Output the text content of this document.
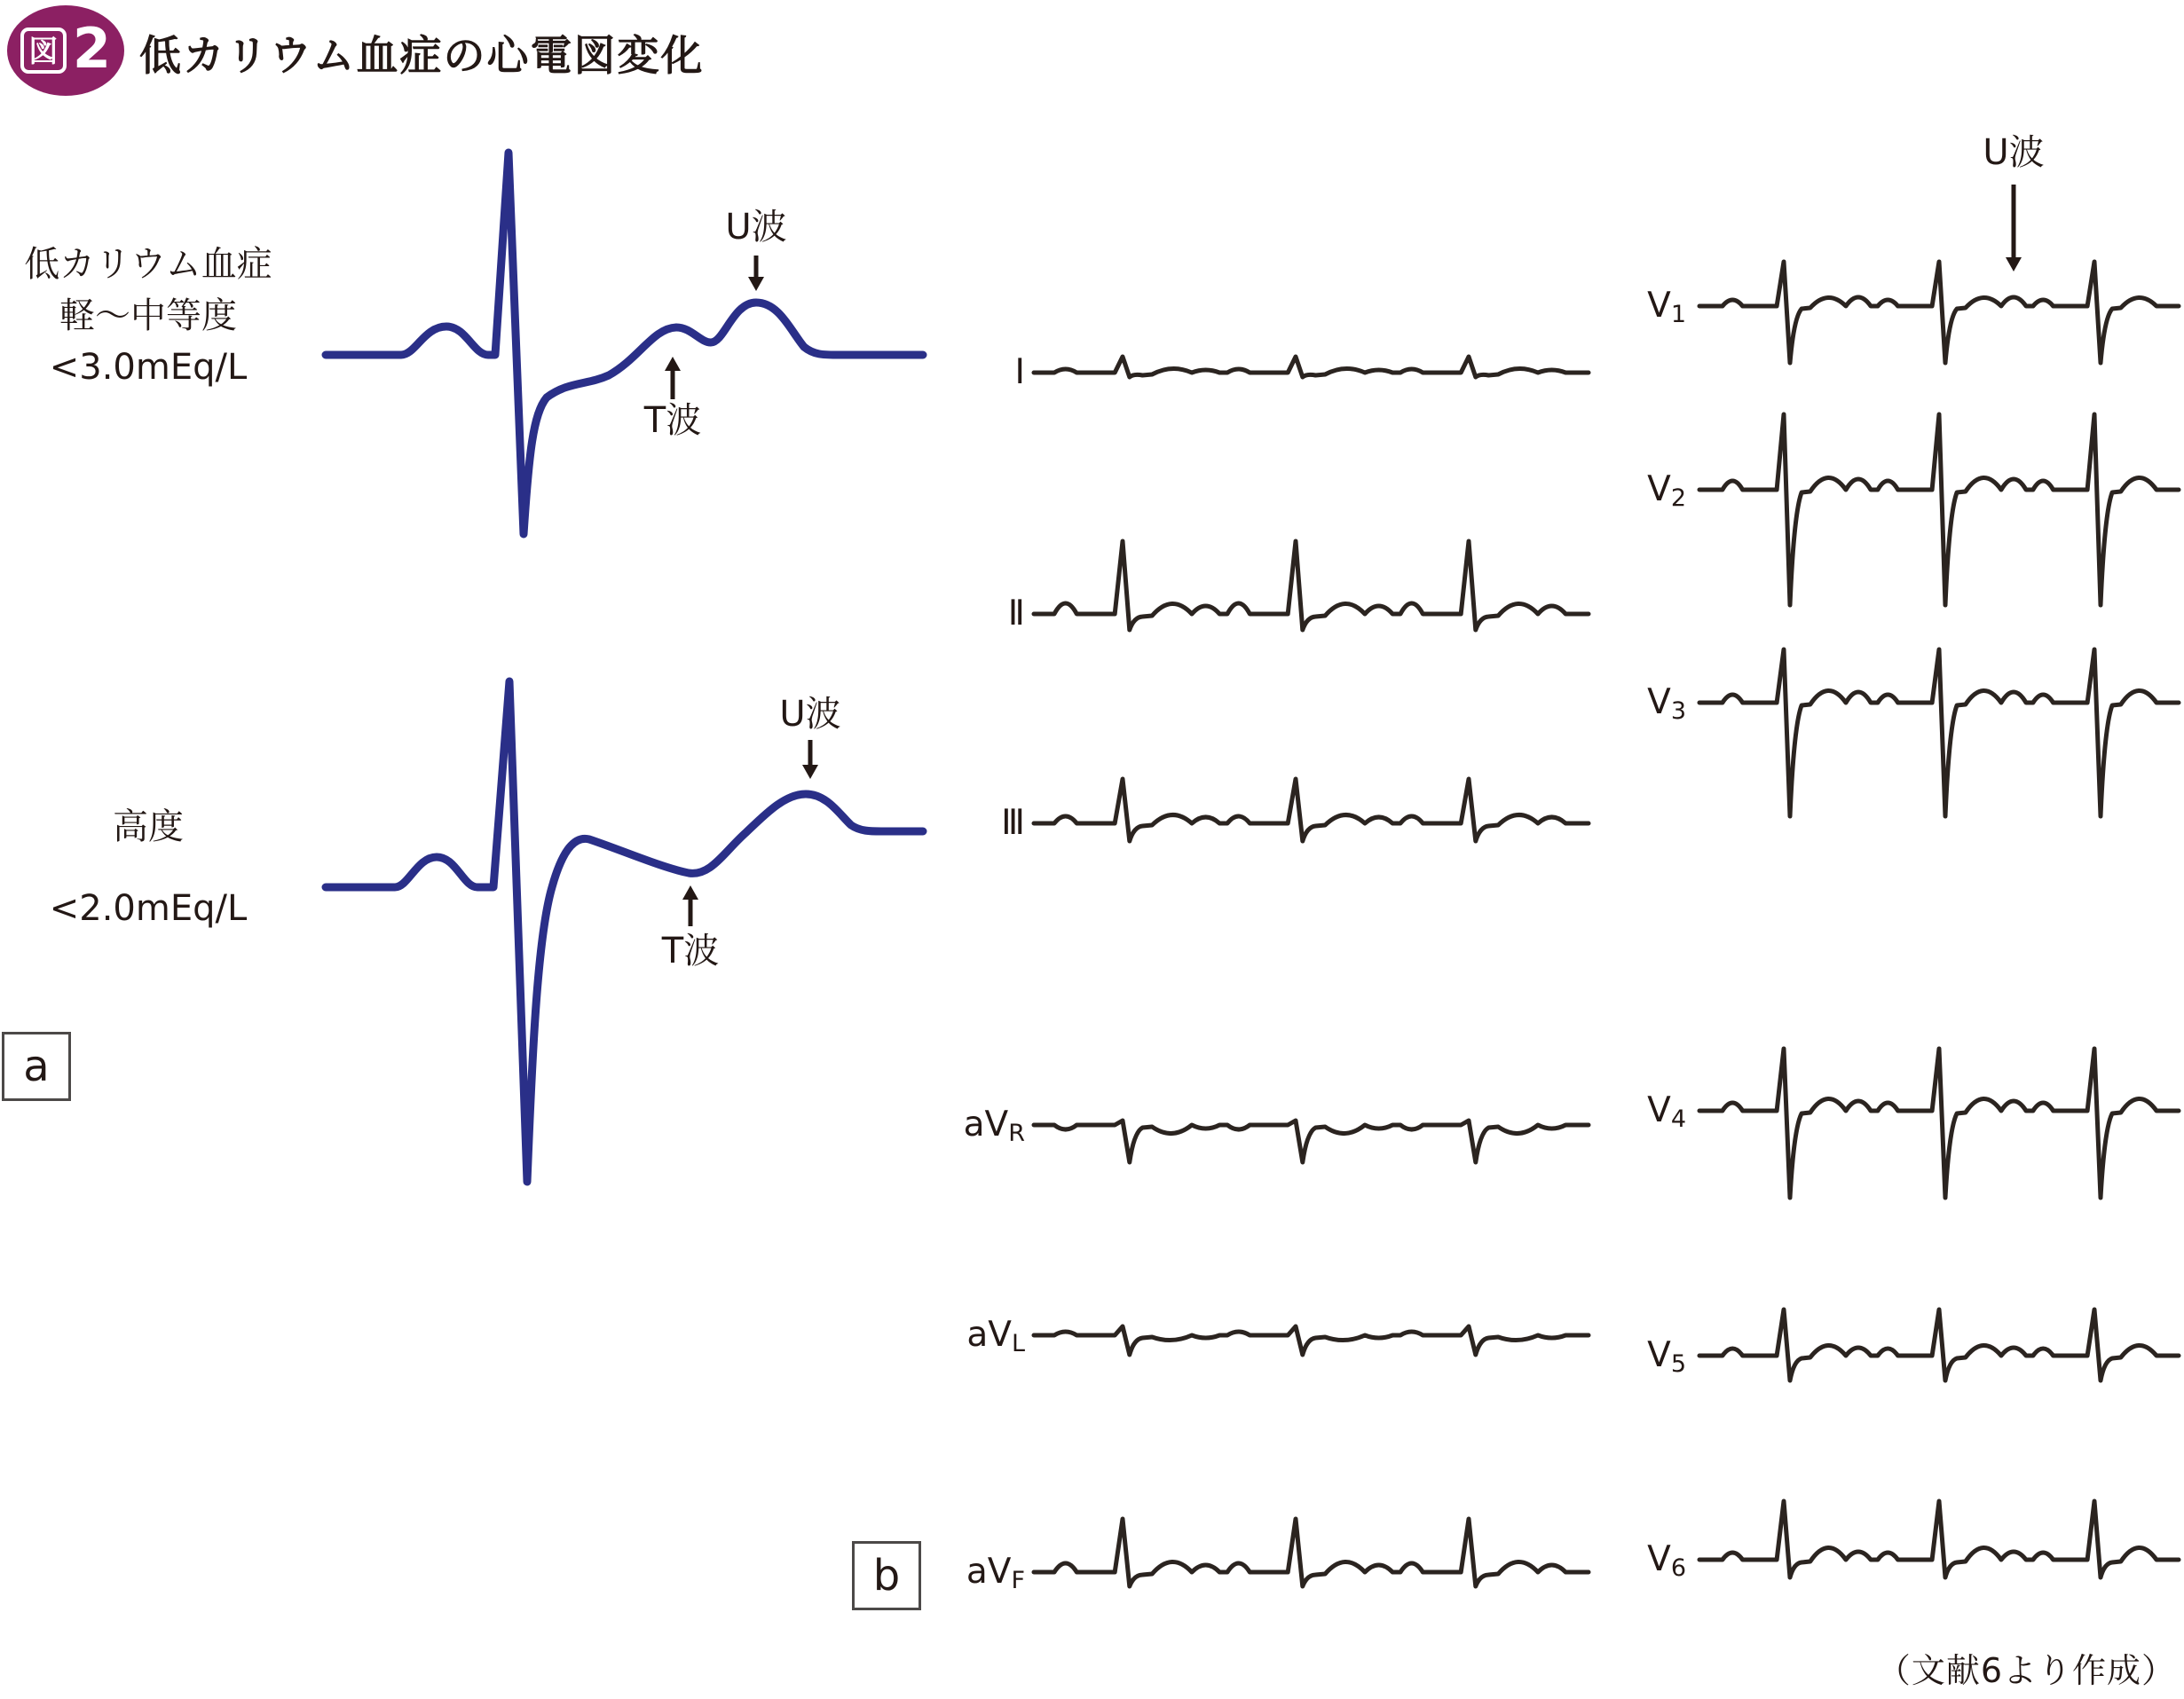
図 2 低カリウム血症の心電図変化
低カリウム血症
軽〜中等度
<3.0mEq/L
高度
<2.0mEq/L
U波
T波
U波
T波
Ⅰ
Ⅱ
Ⅲ
$aV_R$
$aV_L$
$aV_F$
$V_1$
$V_2$
$V_3$
$V_4$
$V_5$
$V_6$
U波
a
b
（文献6より作成）
